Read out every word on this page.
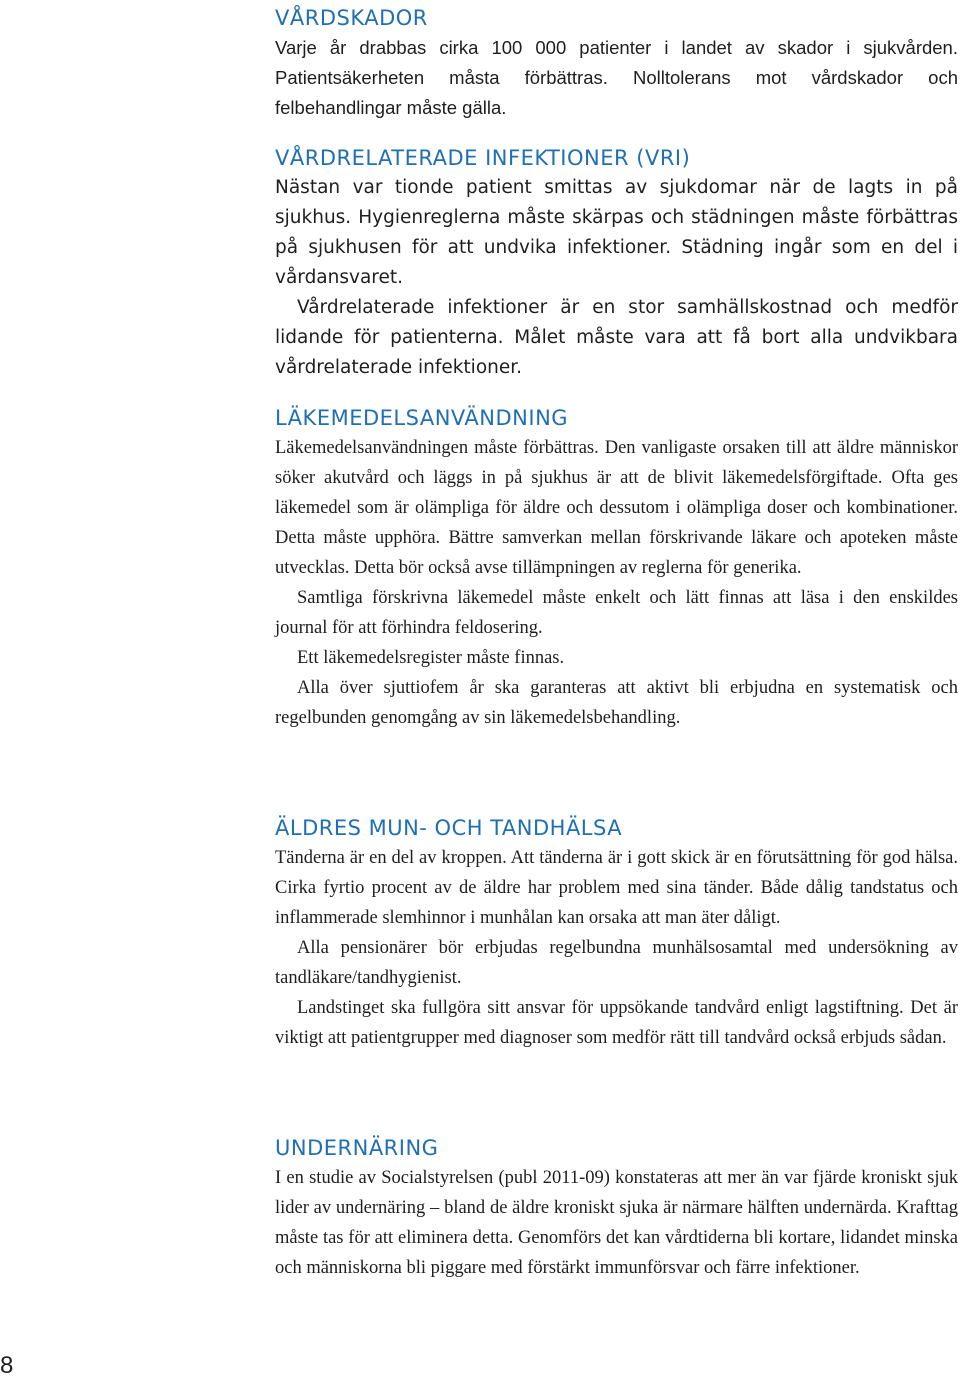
VÅRDSKADOR

Varje år drabbas cirka 100 000 patienter i landet av skador i sjukvården. Patientsäkerheten måsta förbättras. Nolltolerans mot vårdskador och felbehandlingar måste gälla.

VÅRDRELATERADE INFEKTIONER (VRI)

Nästan var tionde patient smittas av sjukdomar när de lagts in på sjukhus. Hygienreglerna måste skärpas och städningen måste förbättras på sjukhusen för att undvika infektioner. Städning ingår som en del i vårdansvaret.

Vårdrelaterade infektioner är en stor samhällskostnad och medför lidande för patienterna. Målet måste vara att få bort alla undvikbara vårdrelaterade infektioner.

LÄKEMEDELSANVÄNDNING

Läkemedelsanvändningen måste förbättras. Den vanligaste orsaken till att äldre människor söker akutvård och läggs in på sjukhus är att de blivit läkemedelsförgiftade. Ofta ges läkemedel som är olämpliga för äldre och dessutom i olämpliga doser och kombinationer. Detta måste upphöra. Bättre samverkan mellan förskrivande läkare och apoteken måste utvecklas. Detta bör också avse tillämpningen av reglerna för generika.

Samtliga förskrivna läkemedel måste enkelt och lätt finnas att läsa i den enskildes journal för att förhindra feldosering.

Ett läkemedelsregister måste finnas.

Alla över sjuttiofem år ska garanteras att aktivt bli erbjudna en systematisk och regelbunden genomgång av sin läkemedelsbehandling.

ÄLDRES MUN- OCH TANDHÄLSA

Tänderna är en del av kroppen. Att tänderna är i gott skick är en förutsättning för god hälsa. Cirka fyrtio procent av de äldre har problem med sina tänder. Både dålig tandstatus och inflammerade slemhinnor i munhålan kan orsaka att man äter dåligt.

Alla pensionärer bör erbjudas regelbundna munhälsosamtal med undersökning av tandläkare/tandhygienist.

Landstinget ska fullgöra sitt ansvar för uppsökande tandvård enligt lagstiftning. Det är viktigt att patientgrupper med diagnoser som medför rätt till tandvård också erbjuds sådan.

UNDERNÄRING

I en studie av Socialstyrelsen (publ 2011-09) konstateras att mer än var fjärde kroniskt sjuk lider av undernäring – bland de äldre kroniskt sjuka är närmare hälften undernärda. Krafttag måste tas för att eliminera detta. Genomförs det kan vårdtiderna bli kortare, lidandet minska och människorna bli piggare med förstärkt immunförsvar och färre infektioner.

8
